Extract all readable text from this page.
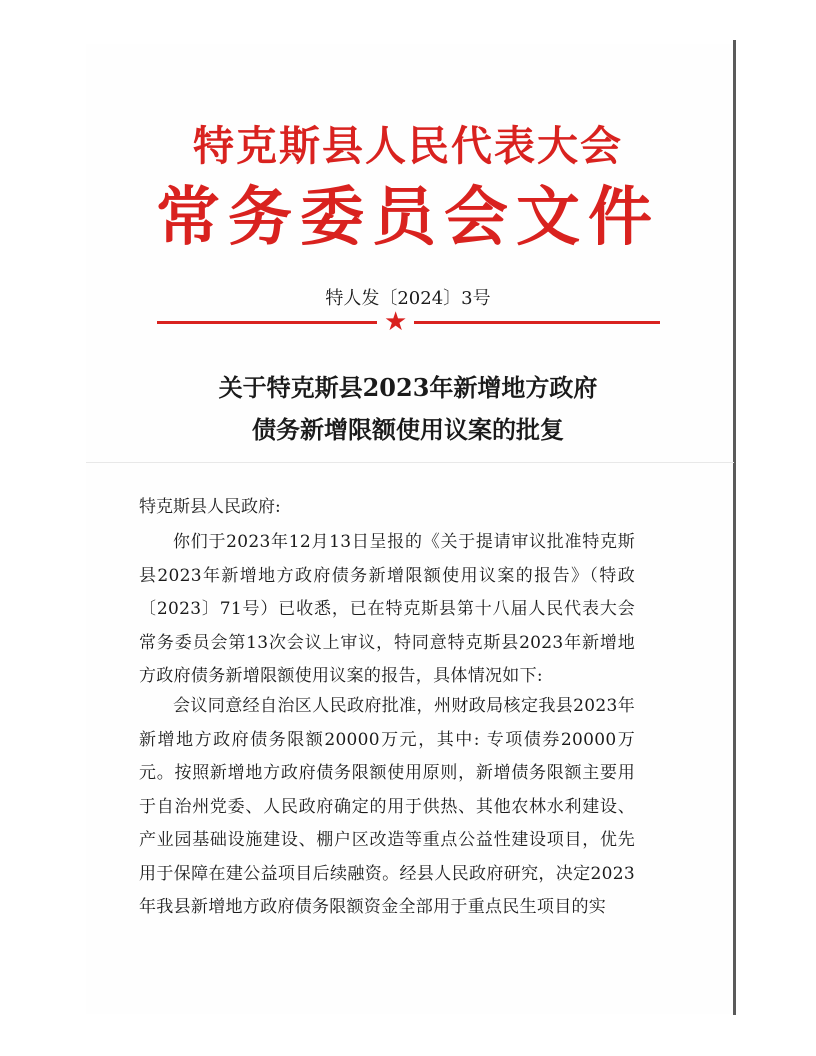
特克斯县人民代表大会
常务委员会文件
特人发〔2024〕3号
★
关于特克斯县2023年新增地方政府
债务新增限额使用议案的批复
特克斯县人民政府:
你们于2023年12月13日呈报的《关于提请审议批准特克斯县2023年新增地方政府债务新增限额使用议案的报告》（特政〔2023〕71号）已收悉，已在特克斯县第十八届人民代表大会常务委员会第13次会议上审议，特同意特克斯县2023年新增地方政府债务新增限额使用议案的报告，具体情况如下:
会议同意经自治区人民政府批准，州财政局核定我县2023年新增地方政府债务限额20000万元，其中: 专项债券20000万元。按照新增地方政府债务限额使用原则，新增债务限额主要用于自治州党委、人民政府确定的用于供热、其他农林水利建设、产业园基础设施建设、棚户区改造等重点公益性建设项目，优先用于保障在建公益项目后续融资。经县人民政府研究，决定2023年我县新增地方政府债务限额资金全部用于重点民生项目的实
